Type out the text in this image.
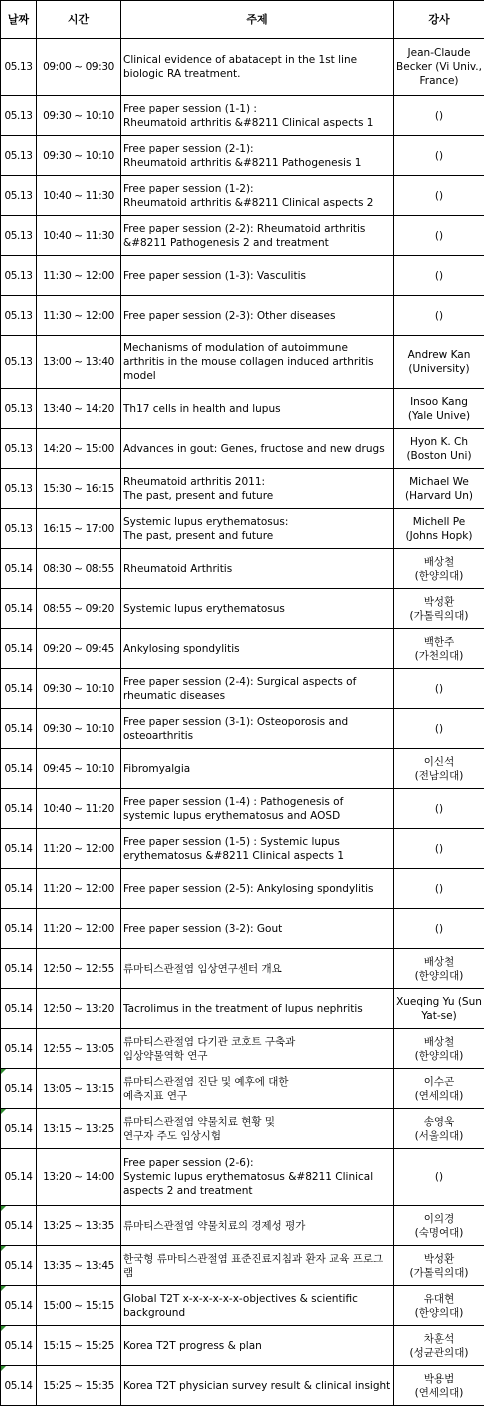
날짜	시간	주제	강사
05.13	09:00 ~ 09:30	Clinical evidence of abatacept in the 1st line biologic RA treatment.	Jean-Claude Becker (Vi Univ., France)
05.13	09:30 ~ 10:10	Free paper session (1-1) :
Rheumatoid arthritis &#8211 Clinical aspects 1	()
05.13	09:30 ~ 10:10	Free paper session (2-1):
Rheumatoid arthritis &#8211 Pathogenesis 1	()
05.13	10:40 ~ 11:30	Free paper session (1-2):
Rheumatoid arthritis &#8211 Clinical aspects 2	()
05.13	10:40 ~ 11:30	Free paper session (2-2): Rheumatoid arthritis &#8211 Pathogenesis 2 and treatment	()
05.13	11:30 ~ 12:00	Free paper session (1-3): Vasculitis	()
05.13	11:30 ~ 12:00	Free paper session (2-3): Other diseases	()
05.13	13:00 ~ 13:40	Mechanisms of modulation of autoimmune arthritis in the mouse collagen induced arthritis model	Andrew Kan (University)
05.13	13:40 ~ 14:20	Th17 cells in health and lupus	Insoo Kang (Yale Unive)
05.13	14:20 ~ 15:00	Advances in gout: Genes, fructose and new drugs	Hyon K. Ch (Boston Uni)
05.13	15:30 ~ 16:15	Rheumatoid arthritis 2011:
The past, present and future	Michael We (Harvard Un)
05.13	16:15 ~ 17:00	Systemic lupus erythematosus:
The past, present and future	Michell Pe (Johns Hopk)
05.14	08:30 ~ 08:55	Rheumatoid Arthritis	배상철
(한양의대)
05.14	08:55 ~ 09:20	Systemic lupus erythematosus	박성환
(가톨릭의대)
05.14	09:20 ~ 09:45	Ankylosing spondylitis	백한주
(가천의대)
05.14	09:30 ~ 10:10	Free paper session (2-4): Surgical aspects of rheumatic diseases	()
05.14	09:30 ~ 10:10	Free paper session (3-1): Osteoporosis and osteoarthritis	()
05.14	09:45 ~ 10:10	Fibromyalgia	이신석
(전남의대)
05.14	10:40 ~ 11:20	Free paper session (1-4) : Pathogenesis of systemic lupus erythematosus and AOSD	()
05.14	11:20 ~ 12:00	Free paper session (1-5) : Systemic lupus erythematosus &#8211 Clinical aspects 1	()
05.14	11:20 ~ 12:00	Free paper session (2-5): Ankylosing spondylitis	()
05.14	11:20 ~ 12:00	Free paper session (3-2): Gout	()
05.14	12:50 ~ 12:55	류마티스관절염 임상연구센터 개요	배상철
(한양의대)
05.14	12:50 ~ 13:20	Tacrolimus in the treatment of lupus nephritis	Xueqing Yu (Sun Yat-se)
05.14	12:55 ~ 13:05	류마티스관절염 다기관 코호트 구축과
임상약물역학 연구	배상철
(한양의대)

05.14	13:05 ~ 13:15	류마티스관절염 진단 및 예후에 대한
예측지표 연구	이수곤
(연세의대)

05.14	13:15 ~ 13:25	류마티스관절염 약물치료 현황 및
연구자 주도 임상시험	송영욱
(서울의대)
05.14	13:20 ~ 14:00	Free paper session (2-6):
Systemic lupus erythematosus &#8211 Clinical aspects 2 and treatment	()

05.14	13:25 ~ 13:35	류마티스관절염 약물치료의 경제성 평가	이의경
(숙명여대)

05.14	13:35 ~ 13:45	한국형 류마티스관절염 표준진료지침과 환자 교육 프로그램	박성환
(가톨릭의대)

05.14	15:00 ~ 15:15	Global T2T x-x-x-x-x-x-objectives & scientific background	유대현
(한양의대)

05.14	15:15 ~ 15:25	Korea T2T progress & plan	차훈석
(성균관의대)

05.14	15:25 ~ 15:35	Korea T2T physician survey result & clinical insight	박용범
(연세의대)
